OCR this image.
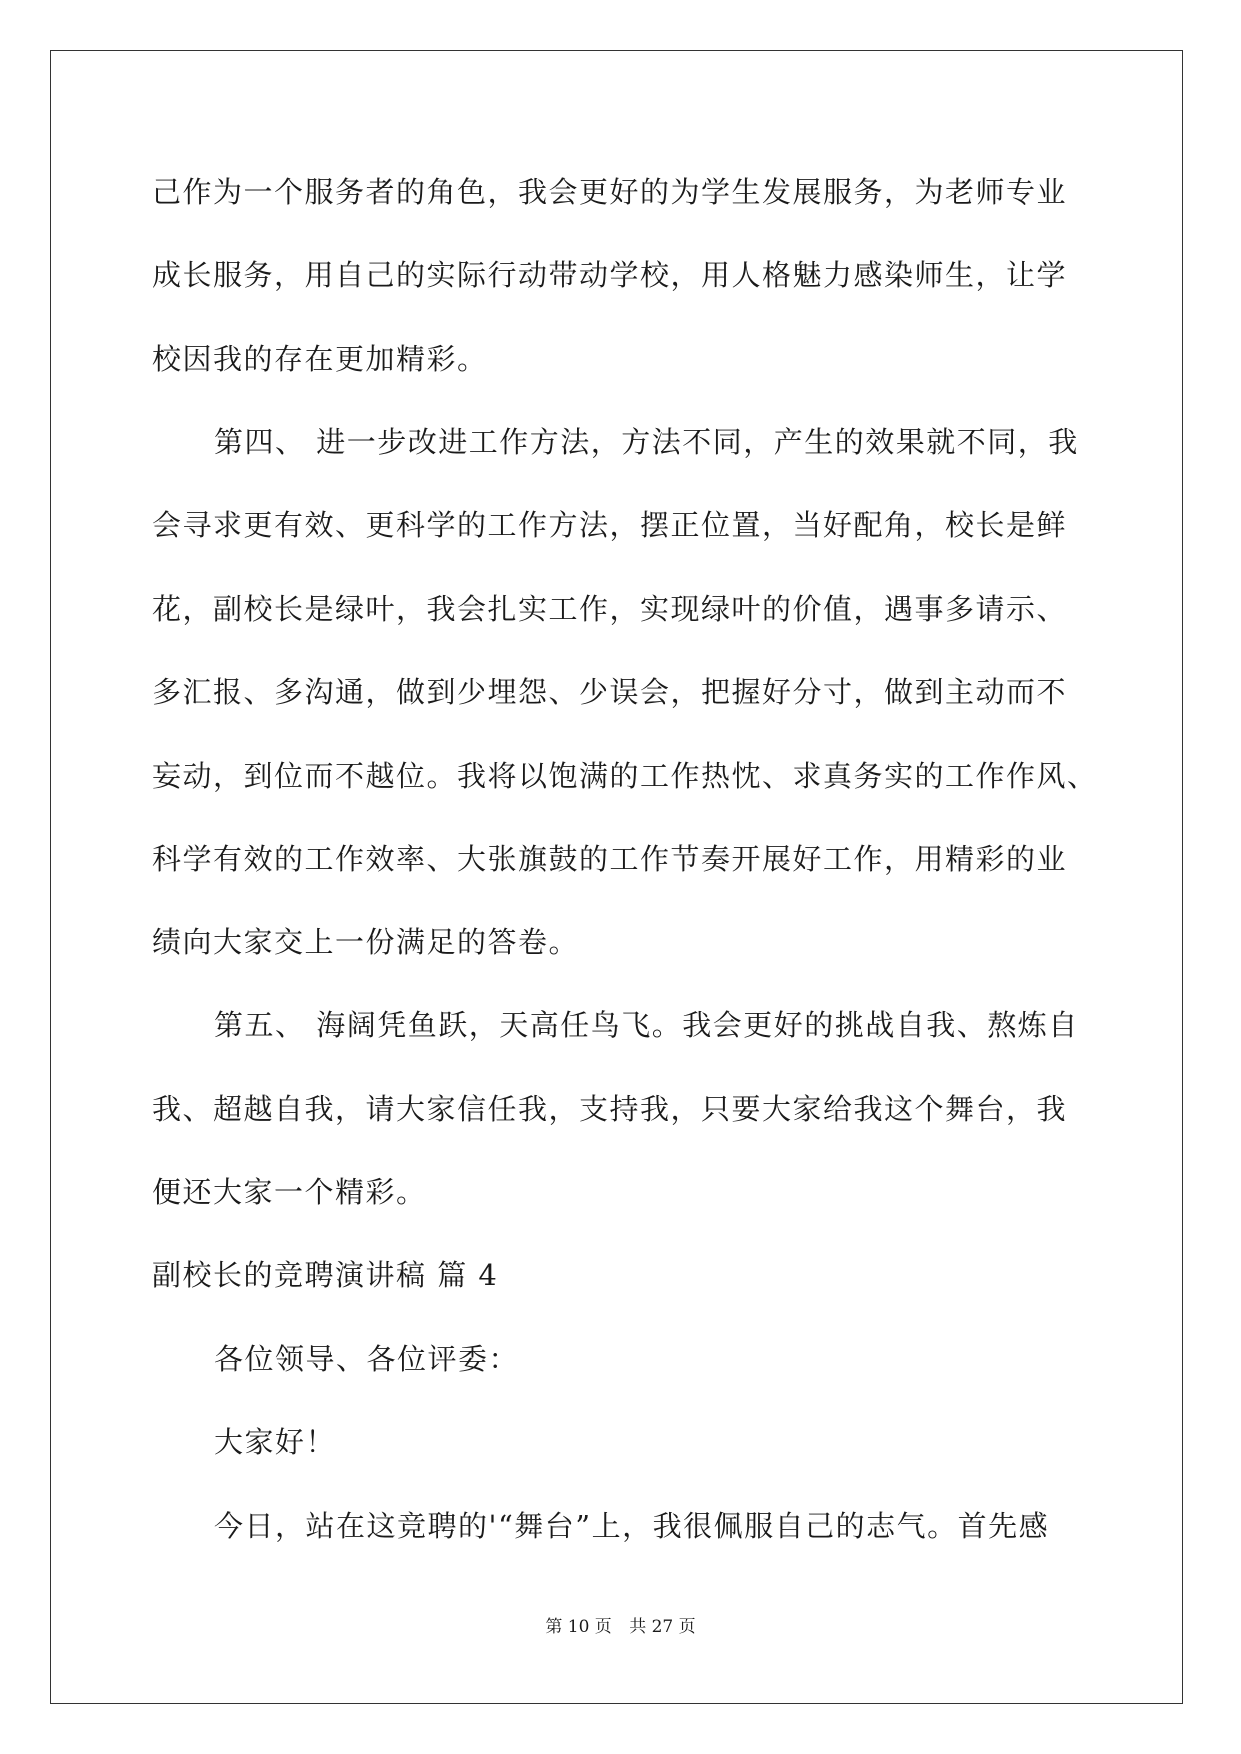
己作为一个服务者的角色，我会更好的为学生发展服务，为老师专业
成长服务，用自己的实际行动带动学校，用人格魅力感染师生，让学
校因我的存在更加精彩。
第四、 进一步改进工作方法，方法不同，产生的效果就不同，我
会寻求更有效、更科学的工作方法，摆正位置，当好配角，校长是鲜
花，副校长是绿叶，我会扎实工作，实现绿叶的价值，遇事多请示、
多汇报、多沟通，做到少埋怨、少误会，把握好分寸，做到主动而不
妄动，到位而不越位。我将以饱满的工作热忱、求真务实的工作作风、
科学有效的工作效率、大张旗鼓的工作节奏开展好工作，用精彩的业
绩向大家交上一份满足的答卷。
第五、 海阔凭鱼跃，天高任鸟飞。我会更好的挑战自我、熬炼自
我、超越自我，请大家信任我，支持我，只要大家给我这个舞台，我
便还大家一个精彩。
副校长的竞聘演讲稿 篇 4
各位领导、各位评委：
大家好！
今日，站在这竞聘的'“舞台”上，我很佩服自己的志气。首先感
第 10 页 共 27 页
